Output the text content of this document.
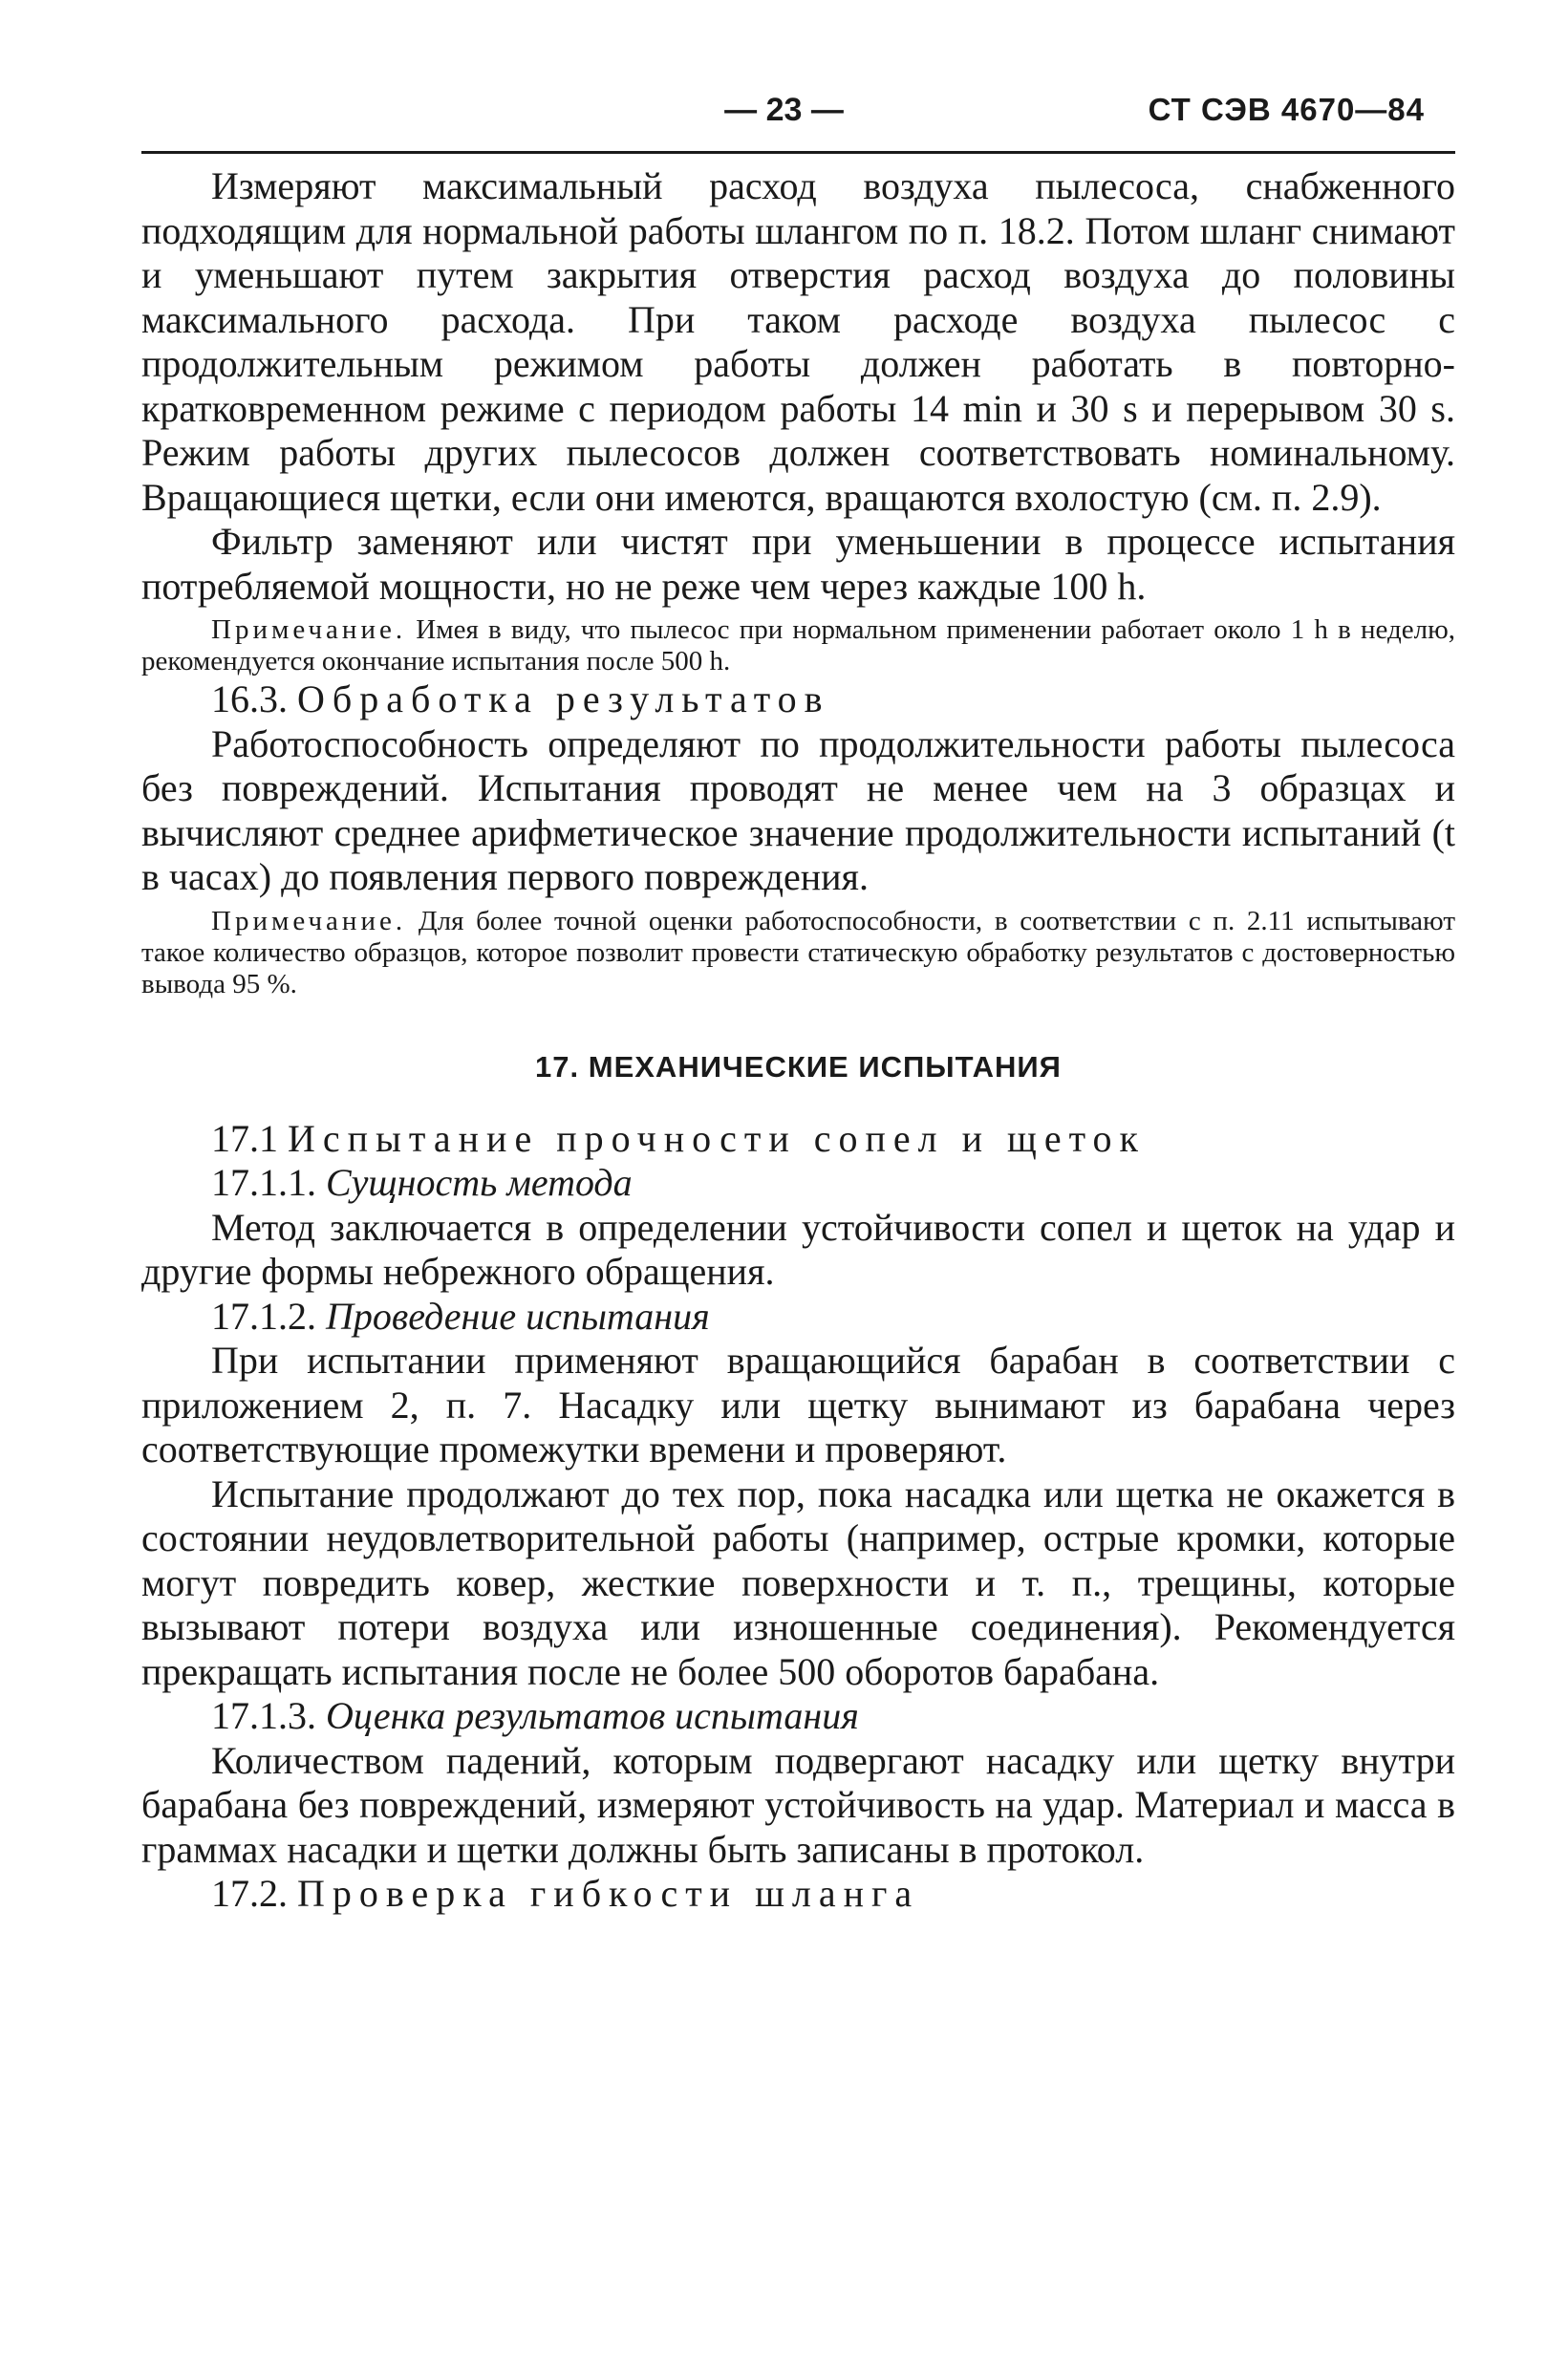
— 23 —	СТ СЭВ 4670—84

Измеряют максимальный расход воздуха пылесоса, снабженного подходящим для нормальной работы шлангом по п. 18.2. Потом шланг снимают и уменьшают путем закрытия отверстия расход воздуха до половины максимального расхода. При таком расходе воздуха пылесос с продолжительным режимом работы должен работать в повторно-кратковременном режиме с периодом работы 14 min и 30 s и перерывом 30 s. Режим работы других пылесосов должен соответствовать номинальному. Вращающиеся щетки, если они имеются, вращаются вхолостую (см. п. 2.9).

Фильтр заменяют или чистят при уменьшении в процессе испытания потребляемой мощности, но не реже чем через каждые 100 h.

Примечание. Имея в виду, что пылесос при нормальном применении работает около 1 h в неделю, рекомендуется окончание испытания после 500 h.

16.3. Обработка результатов

Работоспособность определяют по продолжительности работы пылесоса без повреждений. Испытания проводят не менее чем на 3 образцах и вычисляют среднее арифметическое значение продолжительности испытаний (t в часах) до появления первого повреждения.

Примечание. Для более точной оценки работоспособности, в соответствии с п. 2.11 испытывают такое количество образцов, которое позволит провести статическую обработку результатов с достоверностью вывода 95 %.

17. МЕХАНИЧЕСКИЕ ИСПЫТАНИЯ

17.1 Испытание прочности сопел и щеток

17.1.1. Сущность метода

Метод заключается в определении устойчивости сопел и щеток на удар и другие формы небрежного обращения.

17.1.2. Проведение испытания

При испытании применяют вращающийся барабан в соответствии с приложением 2, п. 7. Насадку или щетку вынимают из барабана через соответствующие промежутки времени и проверяют.

Испытание продолжают до тех пор, пока насадка или щетка не окажется в состоянии неудовлетворительной работы (например, острые кромки, которые могут повредить ковер, жесткие поверхности и т. п., трещины, которые вызывают потери воздуха или изношенные соединения). Рекомендуется прекращать испытания после не более 500 оборотов барабана.

17.1.3. Оценка результатов испытания

Количеством падений, которым подвергают насадку или щетку внутри барабана без повреждений, измеряют устойчивость на удар. Материал и масса в граммах насадки и щетки должны быть записаны в протокол.

17.2. Проверка гибкости шланга
